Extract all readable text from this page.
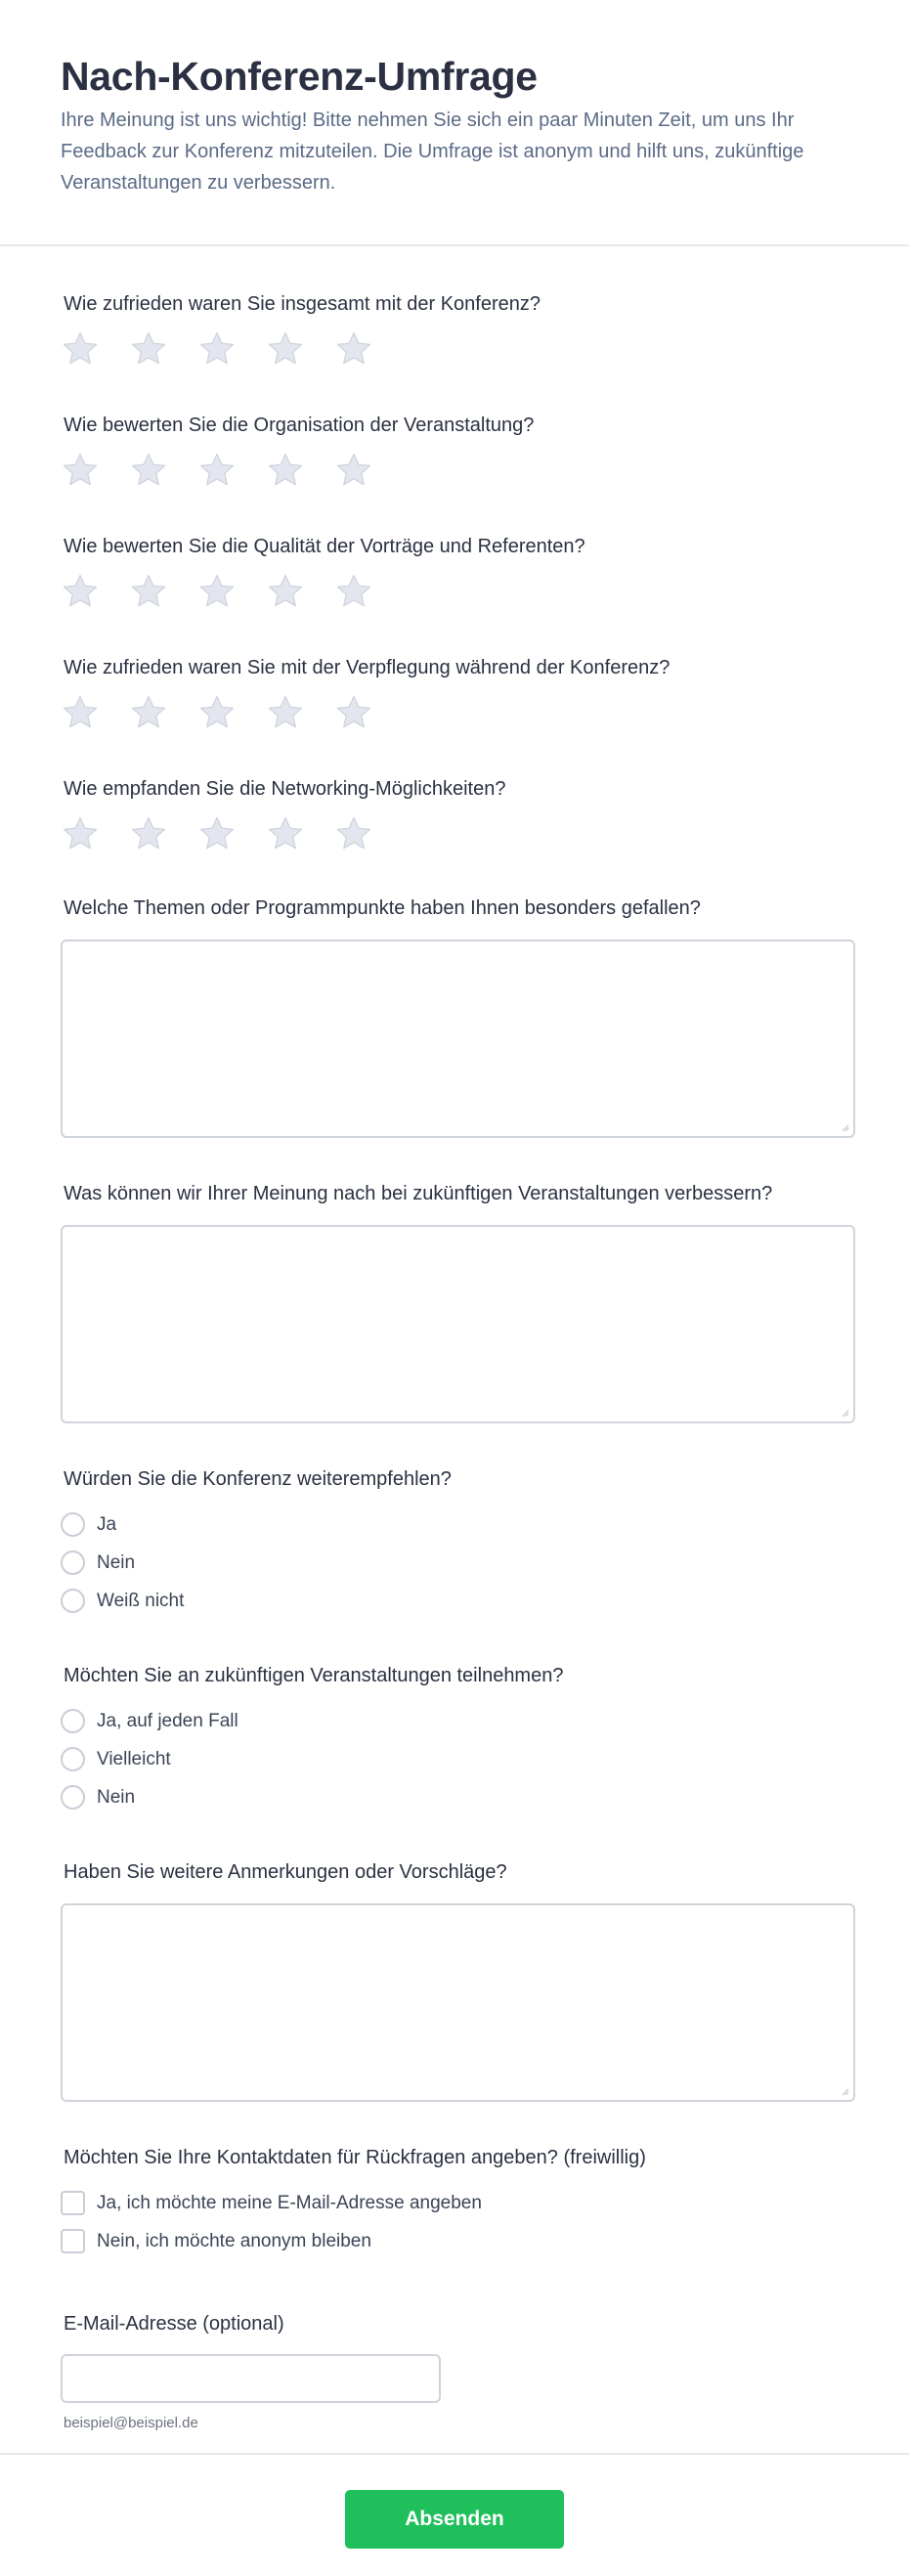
Nach-Konferenz-Umfrage

Ihre Meinung ist uns wichtig! Bitte nehmen Sie sich ein paar Minuten Zeit, um uns Ihr Feedback zur Konferenz mitzuteilen. Die Umfrage ist anonym und hilft uns, zukünftige Veranstaltungen zu verbessern.

Wie zufrieden waren Sie insgesamt mit der Konferenz?
Wie bewerten Sie die Organisation der Veranstaltung?
Wie bewerten Sie die Qualität der Vorträge und Referenten?
Wie zufrieden waren Sie mit der Verpflegung während der Konferenz?
Wie empfanden Sie die Networking-Möglichkeiten?
Welche Themen oder Programmpunkte haben Ihnen besonders gefallen?
Was können wir Ihrer Meinung nach bei zukünftigen Veranstaltungen verbessern?
Würden Sie die Konferenz weiterempfehlen?
Ja
Nein
Weiß nicht
Möchten Sie an zukünftigen Veranstaltungen teilnehmen?
Ja, auf jeden Fall
Vielleicht
Nein
Haben Sie weitere Anmerkungen oder Vorschläge?
Möchten Sie Ihre Kontaktdaten für Rückfragen angeben? (freiwillig)
Ja, ich möchte meine E-Mail-Adresse angeben
Nein, ich möchte anonym bleiben
E-Mail-Adresse (optional)
beispiel@beispiel.de
Absenden
